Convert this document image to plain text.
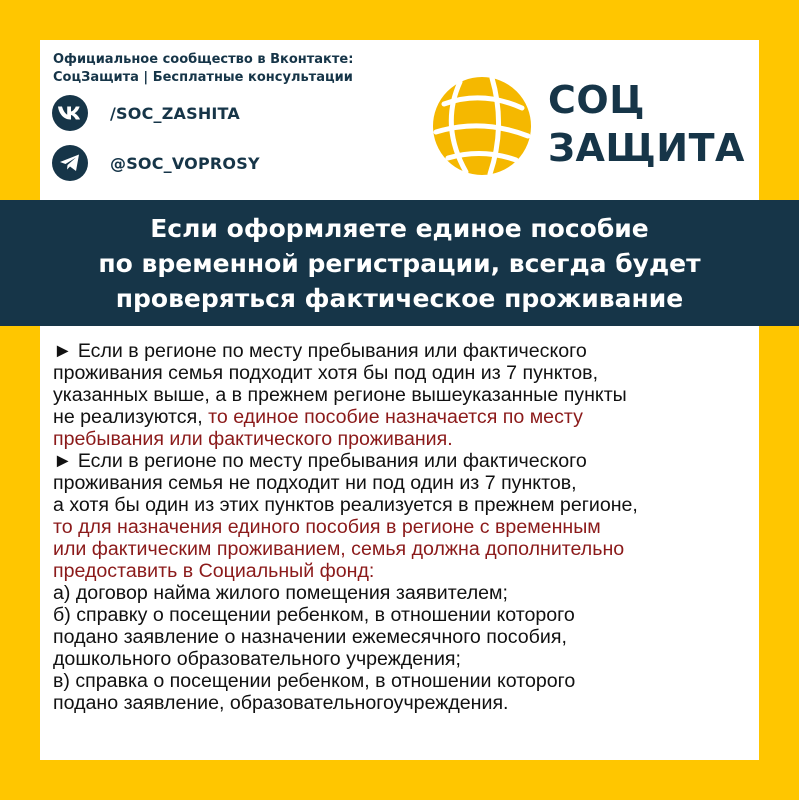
Официальное сообщество в Вконтакте:
СоцЗащита | Бесплатные консультации
/SOC_ZASHITA
@SOC_VOPROSY
СОЦ
ЗАЩИТА
Если оформляете единое пособие
по временной регистрации, всегда будет
проверяться фактическое проживание
► Если в регионе по месту пребывания или фактического
проживания семья подходит хотя бы под один из 7 пунктов,
указанных выше, а в прежнем регионе вышеуказанные пункты
не реализуются, то единое пособие назначается по месту
пребывания или фактического проживания.
► Если в регионе по месту пребывания или фактического
проживания семья не подходит ни под один из 7 пунктов,
а хотя бы один из этих пунктов реализуется в прежнем регионе,
то для назначения единого пособия в регионе с временным
или фактическим проживанием, семья должна дополнительно
предоставить в Социальный фонд:
а) договор найма жилого помещения заявителем;
б) справку о посещении ребенком, в отношении которого
подано заявление о назначении ежемесячного пособия,
дошкольного образовательного учреждения;
в) справка о посещении ребенком, в отношении которого
подано заявление, образовательногоучреждения.
